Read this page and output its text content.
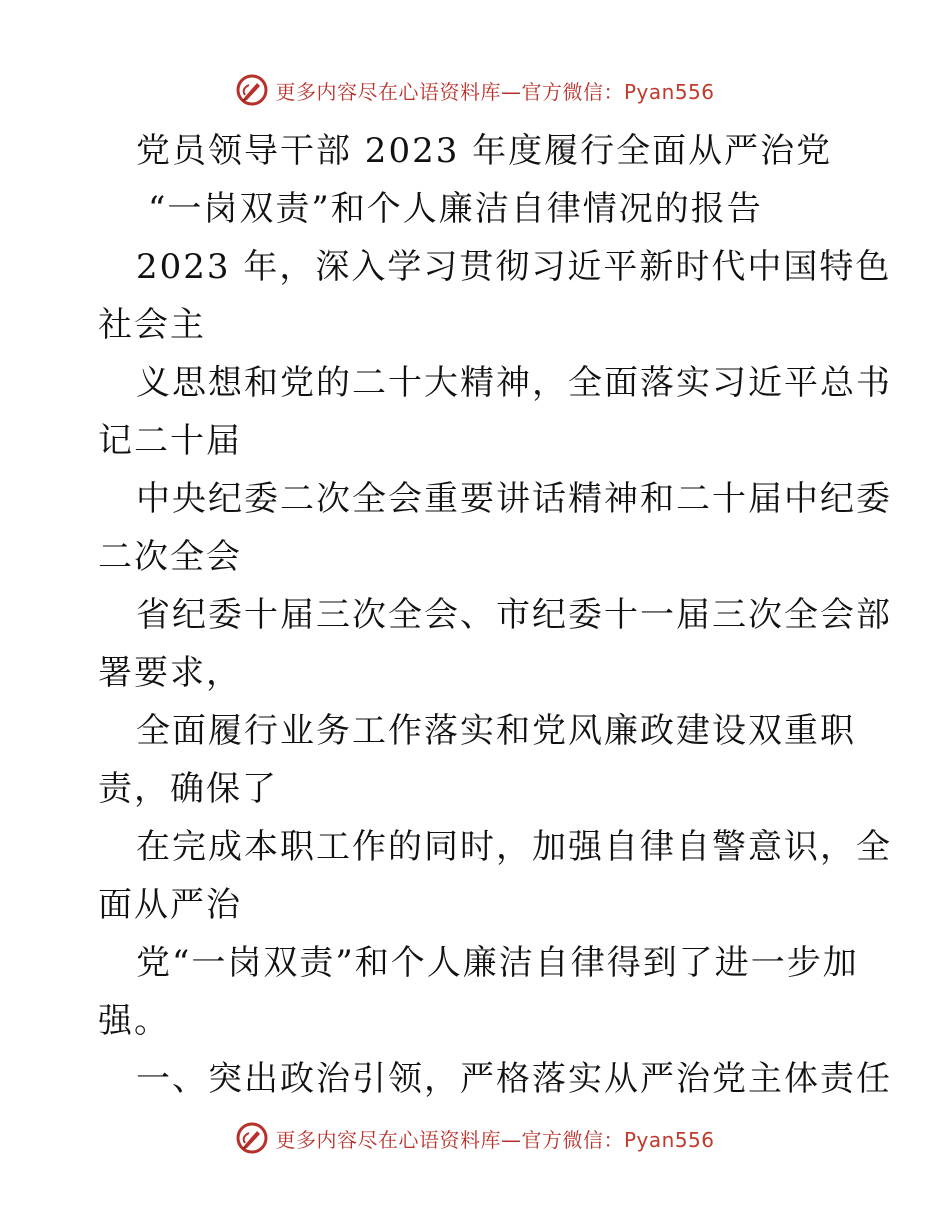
更多内容尽在心语资料库—官方微信：Pyan556
党员领导干部 2023 年度履行全面从严治党
“一岗双责”和个人廉洁自律情况的报告
2023 年，深入学习贯彻习近平新时代中国特色
社会主
义思想和党的二十大精神，全面落实习近平总书
记二十届
中央纪委二次全会重要讲话精神和二十届中纪委
二次全会
省纪委十届三次全会、市纪委十一届三次全会部
署要求，
全面履行业务工作落实和党风廉政建设双重职
责，确保了
在完成本职工作的同时，加强自律自警意识，全
面从严治
党“一岗双责”和个人廉洁自律得到了进一步加
强。
一、突出政治引领，严格落实从严治党主体责任
更多内容尽在心语资料库—官方微信：Pyan556
